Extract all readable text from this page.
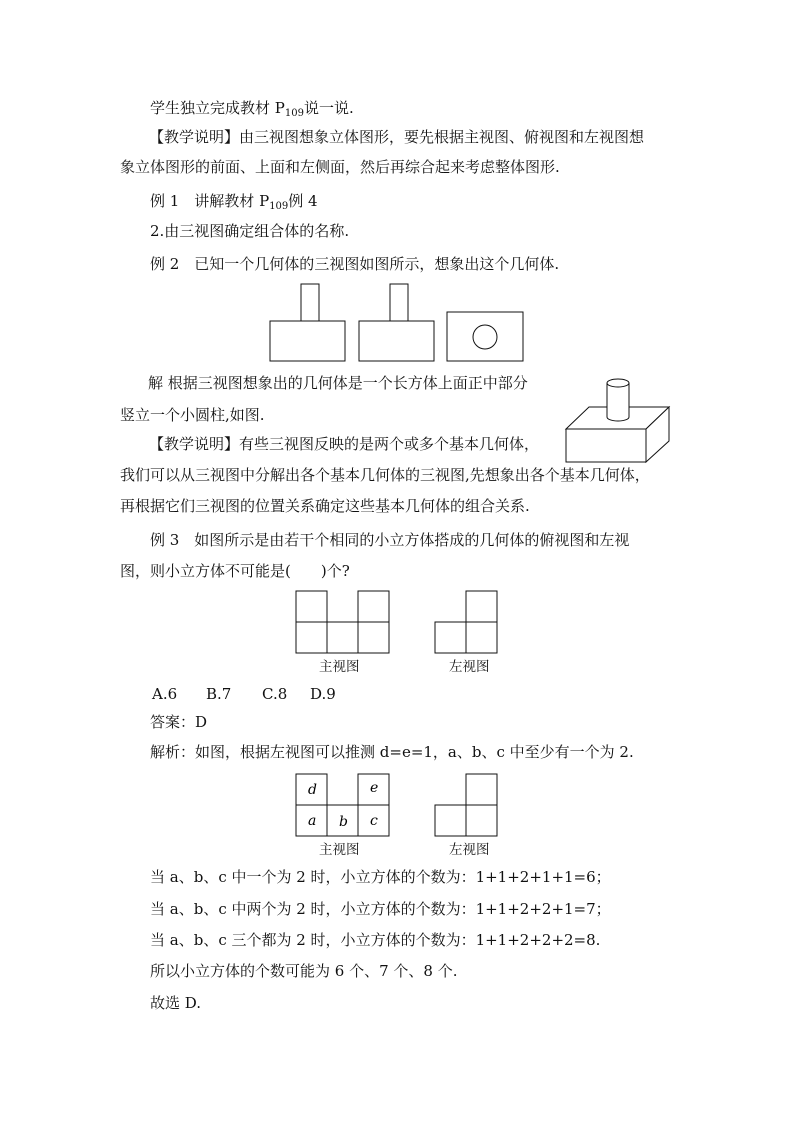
学生独立完成教材 $P_{109}$说一说.
【教学说明】由三视图想象立体图形，要先根据主视图、俯视图和左视图想
象立体图形的前面、上面和左侧面，然后再综合起来考虑整体图形.
例 1　讲解教材 $P_{109}$例 4
2.由三视图确定组合体的名称.
例 2　已知一个几何体的三视图如图所示，想象出这个几何体.
解 根据三视图想象出的几何体是一个长方体上面正中部分
竖立一个小圆柱,如图.
【教学说明】有些三视图反映的是两个或多个基本几何体，
我们可以从三视图中分解出各个基本几何体的三视图,先想象出各个基本几何体，
再根据它们三视图的位置关系确定这些基本几何体的组合关系.
例 3　如图所示是由若干个相同的小立方体搭成的几何体的俯视图和左视
图，则小立方体不可能是(　　)个?
主视图	左视图
A.6 B.7 C.8 D.9
答案：D
解析：如图，根据左视图可以推测 d=e=1，a、b、c 中至少有一个为 2.
d	e
a b c
主视图	左视图
当 a、b、c 中一个为 2 时，小立方体的个数为：1+1+2+1+1=6；
当 a、b、c 中两个为 2 时，小立方体的个数为：1+1+2+2+1=7；
当 a、b、c 三个都为 2 时，小立方体的个数为：1+1+2+2+2=8.
所以小立方体的个数可能为 6 个、7 个、8 个.
故选 D.
